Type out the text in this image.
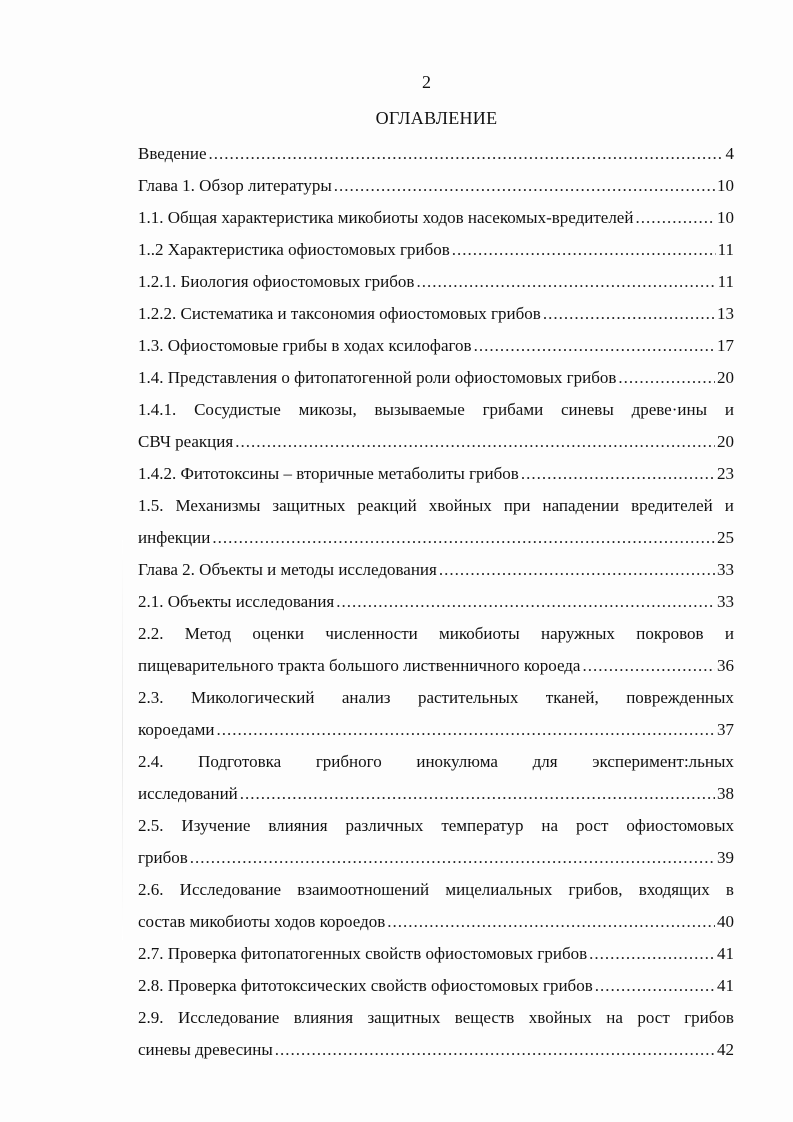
2
ОГЛАВЛЕНИЕ
Введение .....	4
Глава 1. Обзор литературы .....	10
1.1. Общая характеристика микобиоты ходов насекомых-вредителей .....	10
1..2 Характеристика офиостомовых грибов .....	11
1.2.1. Биология офиостомовых грибов .....	11
1.2.2. Систематика и таксономия офиостомовых грибов .....	13
1.3. Офиостомовые грибы в ходах ксилофагов .....	17
1.4. Представления о фитопатогенной роли офиостомовых грибов .....	20
1.4.1. Сосудистые микозы, вызываемые грибами синевы древе·ины и
СВЧ реакция .....	20
1.4.2. Фитотоксины – вторичные метаболиты грибов .....	23
1.5. Механизмы защитных реакций хвойных при нападении вредителей и
инфекции .....	25
Глава 2. Объекты и методы исследования .....	33
2.1. Объекты исследования .....	33
2.2. Метод оценки численности микобиоты наружных покровов и
пищеварительного тракта большого лиственничного короеда .....	36
2.3. Микологический анализ растительных тканей, поврежденных
короедами .....	37
2.4. Подготовка грибного инокулюма для эксперимент:льных
исследований .....	38
2.5. Изучение влияния различных температур на рост офиостомовых
грибов .....	39
2.6. Исследование взаимоотношений мицелиальных грибов, входящих в
состав микобиоты ходов короедов .....	40
2.7. Проверка фитопатогенных свойств офиостомовых грибов .....	41
2.8. Проверка фитотоксических свойств офиостомовых грибов .....	41
2.9. Исследование влияния защитных веществ хвойных на рост грибов
синевы древесины .....	42
